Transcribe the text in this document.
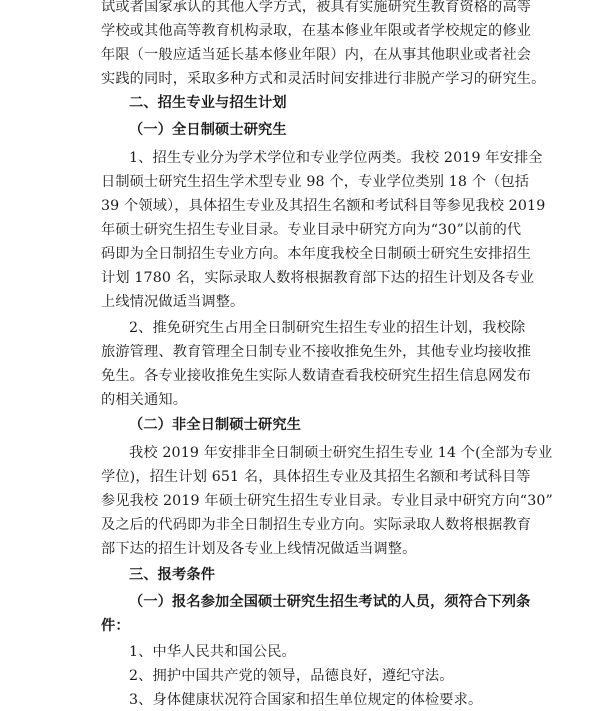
试或者国家承认的其他入学方式，被具有实施研究生教育资格的高等
学校或其他高等教育机构录取，在基本修业年限或者学校规定的修业
年限（一般应适当延长基本修业年限）内，在从事其他职业或者社会
实践的同时，采取多种方式和灵活时间安排进行非脱产学习的研究生。
二、招生专业与招生计划
（一）全日制硕士研究生
1、招生专业分为学术学位和专业学位两类。我校 2019 年安排全
日制硕士研究生招生学术型专业 98 个，专业学位类别 18 个（包括
39 个领域），具体招生专业及其招生名额和考试科目等参见我校 2019
年硕士研究生招生专业目录。专业目录中研究方向为“30”以前的代
码即为全日制招生专业方向。本年度我校全日制硕士研究生安排招生
计划 1780 名，实际录取人数将根据教育部下达的招生计划及各专业
上线情况做适当调整。
2、推免研究生占用全日制研究生招生专业的招生计划，我校除
旅游管理、教育管理全日制专业不接收推免生外，其他专业均接收推
免生。各专业接收推免生实际人数请查看我校研究生招生信息网发布
的相关通知。
（二）非全日制硕士研究生
我校 2019 年安排非全日制硕士研究生招生专业 14 个(全部为专业
学位)，招生计划 651 名，具体招生专业及其招生名额和考试科目等
参见我校 2019 年硕士研究生招生专业目录。专业目录中研究方向“30”
及之后的代码即为非全日制招生专业方向。实际录取人数将根据教育
部下达的招生计划及各专业上线情况做适当调整。
三、报考条件
（一）报名参加全国硕士研究生招生考试的人员，须符合下列条
件：
1、中华人民共和国公民。
2、拥护中国共产党的领导，品德良好，遵纪守法。
3、身体健康状况符合国家和招生单位规定的体检要求。
